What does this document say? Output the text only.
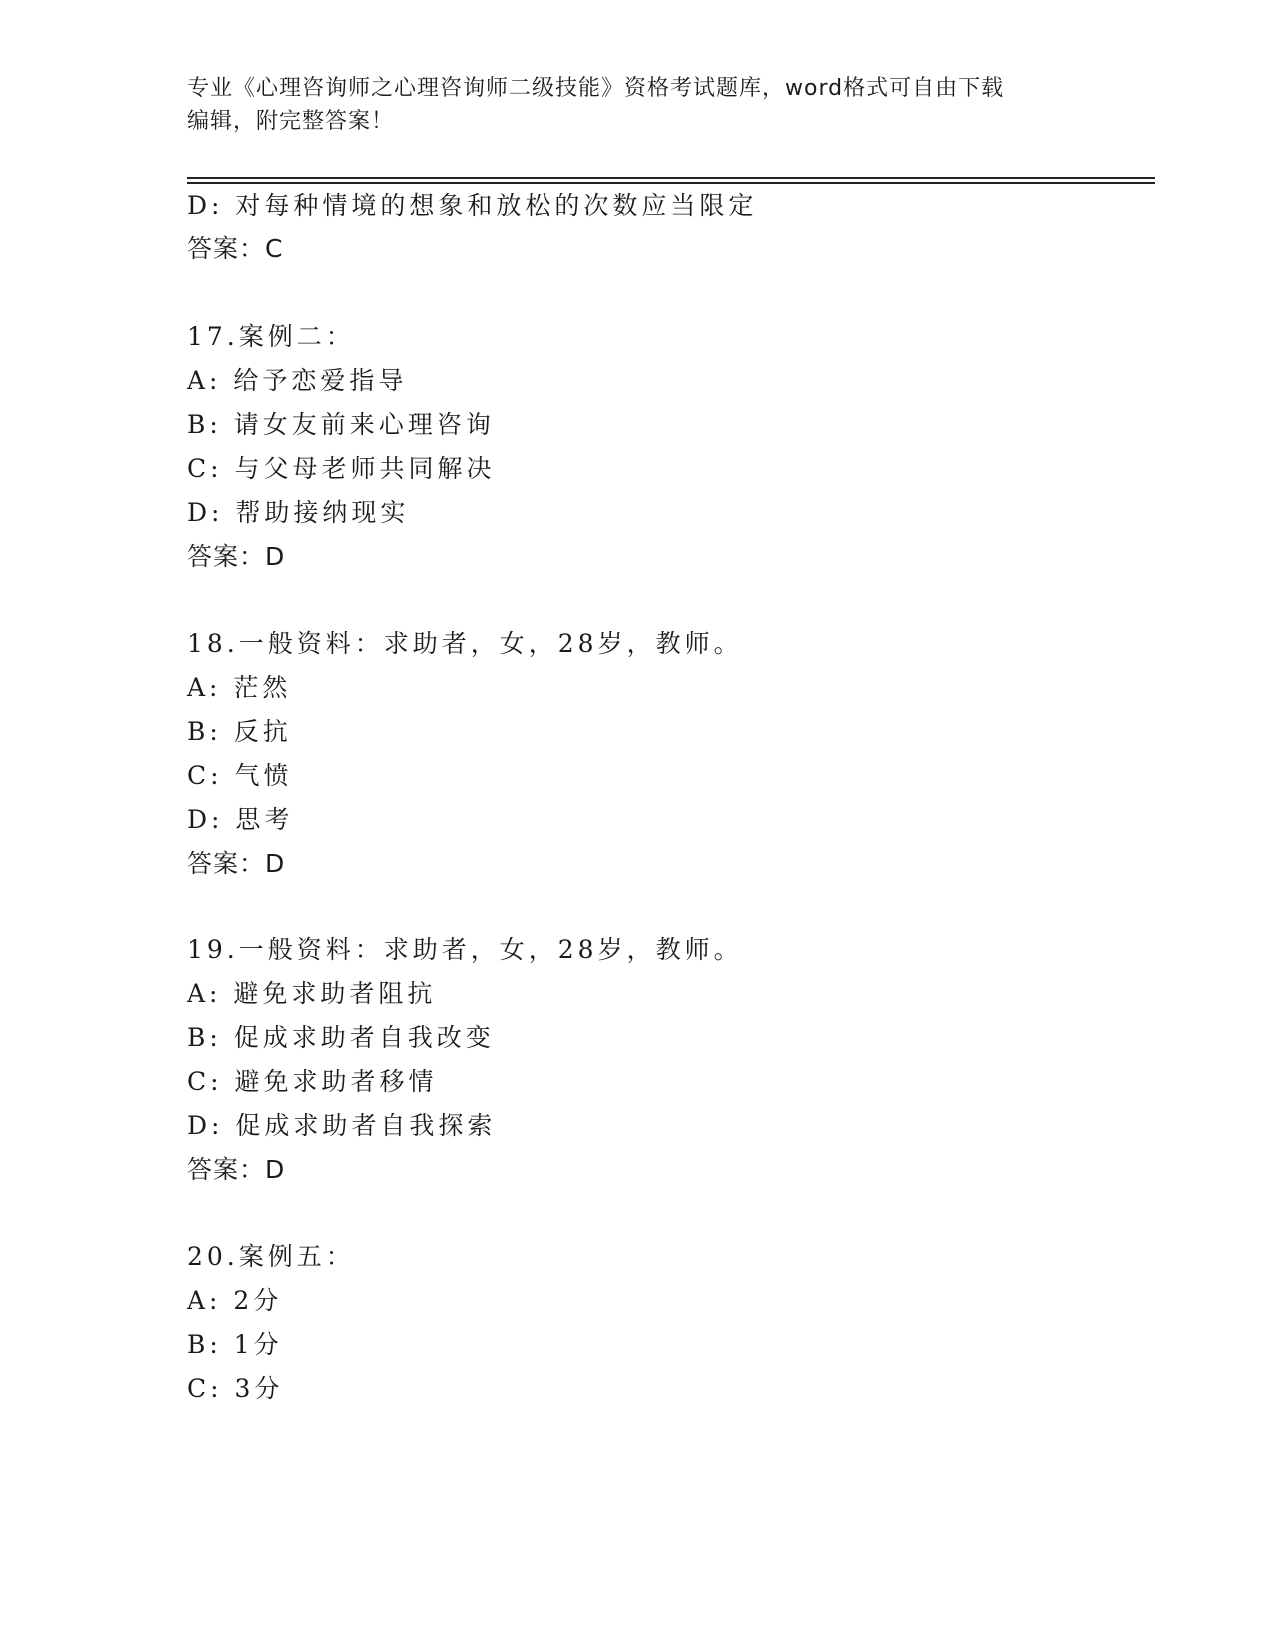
专业《心理咨询师之心理咨询师二级技能》资格考试题库，word格式可自由下载
编辑，附完整答案！
D: 对每种情境的想象和放松的次数应当限定
答案：C
17.案例二：
A: 给予恋爱指导
B: 请女友前来心理咨询
C: 与父母老师共同解决
D: 帮助接纳现实
答案：D
18.一般资料：求助者，女，28岁，教师。
A: 茫然
B: 反抗
C: 气愤
D: 思考
答案：D
19.一般资料：求助者，女，28岁，教师。
A: 避免求助者阻抗
B: 促成求助者自我改变
C: 避免求助者移情
D: 促成求助者自我探索
答案：D
20.案例五：
A: 2分
B: 1分
C: 3分
